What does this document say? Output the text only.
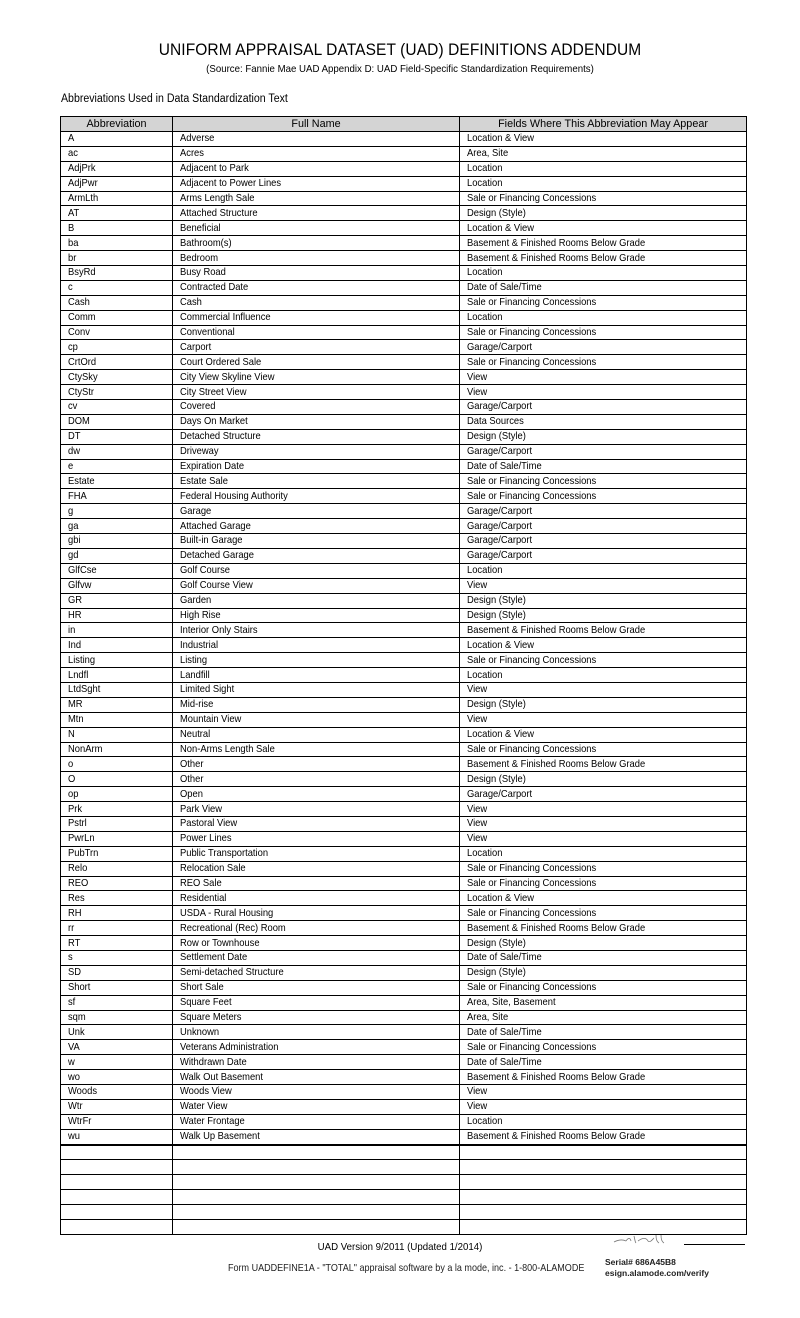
UNIFORM APPRAISAL DATASET (UAD) DEFINITIONS ADDENDUM
(Source: Fannie Mae UAD Appendix D: UAD Field-Specific Standardization Requirements)
Abbreviations Used in Data Standardization Text
Abbreviation	Full Name	Fields Where This Abbreviation May Appear
A	Adverse	Location & View
ac	Acres	Area, Site
AdjPrk	Adjacent to Park	Location
AdjPwr	Adjacent to Power Lines	Location
ArmLth	Arms Length Sale	Sale or Financing Concessions
AT	Attached Structure	Design (Style)
B	Beneficial	Location & View
ba	Bathroom(s)	Basement & Finished Rooms Below Grade
br	Bedroom	Basement & Finished Rooms Below Grade
BsyRd	Busy Road	Location
c	Contracted Date	Date of Sale/Time
Cash	Cash	Sale or Financing Concessions
Comm	Commercial Influence	Location
Conv	Conventional	Sale or Financing Concessions
cp	Carport	Garage/Carport
CrtOrd	Court Ordered Sale	Sale or Financing Concessions
CtySky	City View Skyline View	View
CtyStr	City Street View	View
cv	Covered	Garage/Carport
DOM	Days On Market	Data Sources
DT	Detached Structure	Design (Style)
dw	Driveway	Garage/Carport
e	Expiration Date	Date of Sale/Time
Estate	Estate Sale	Sale or Financing Concessions
FHA	Federal Housing Authority	Sale or Financing Concessions
g	Garage	Garage/Carport
ga	Attached Garage	Garage/Carport
gbi	Built-in Garage	Garage/Carport
gd	Detached Garage	Garage/Carport
GlfCse	Golf Course	Location
Glfvw	Golf Course View	View
GR	Garden	Design (Style)
HR	High Rise	Design (Style)
in	Interior Only Stairs	Basement & Finished Rooms Below Grade
Ind	Industrial	Location & View
Listing	Listing	Sale or Financing Concessions
Lndfl	Landfill	Location
LtdSght	Limited Sight	View
MR	Mid-rise	Design (Style)
Mtn	Mountain View	View
N	Neutral	Location & View
NonArm	Non-Arms Length Sale	Sale or Financing Concessions
o	Other	Basement & Finished Rooms Below Grade
O	Other	Design (Style)
op	Open	Garage/Carport
Prk	Park View	View
Pstrl	Pastoral View	View
PwrLn	Power Lines	View
PubTrn	Public Transportation	Location
Relo	Relocation Sale	Sale or Financing Concessions
REO	REO Sale	Sale or Financing Concessions
Res	Residential	Location & View
RH	USDA - Rural Housing	Sale or Financing Concessions
rr	Recreational (Rec) Room	Basement & Finished Rooms Below Grade
RT	Row or Townhouse	Design (Style)
s	Settlement Date	Date of Sale/Time
SD	Semi-detached Structure	Design (Style)
Short	Short Sale	Sale or Financing Concessions
sf	Square Feet	Area, Site, Basement
sqm	Square Meters	Area, Site
Unk	Unknown	Date of Sale/Time
VA	Veterans Administration	Sale or Financing Concessions
w	Withdrawn Date	Date of Sale/Time
wo	Walk Out Basement	Basement & Finished Rooms Below Grade
Woods	Woods View	View
Wtr	Water View	View
WtrFr	Water Frontage	Location
wu	Walk Up Basement	Basement & Finished Rooms Below Grade

UAD Version 9/2011 (Updated 1/2014)
Form UADDEFINE1A - "TOTAL" appraisal software by a la mode, inc. - 1-800-ALAMODE Serial# 686A45B8
esign.alamode.com/verify
